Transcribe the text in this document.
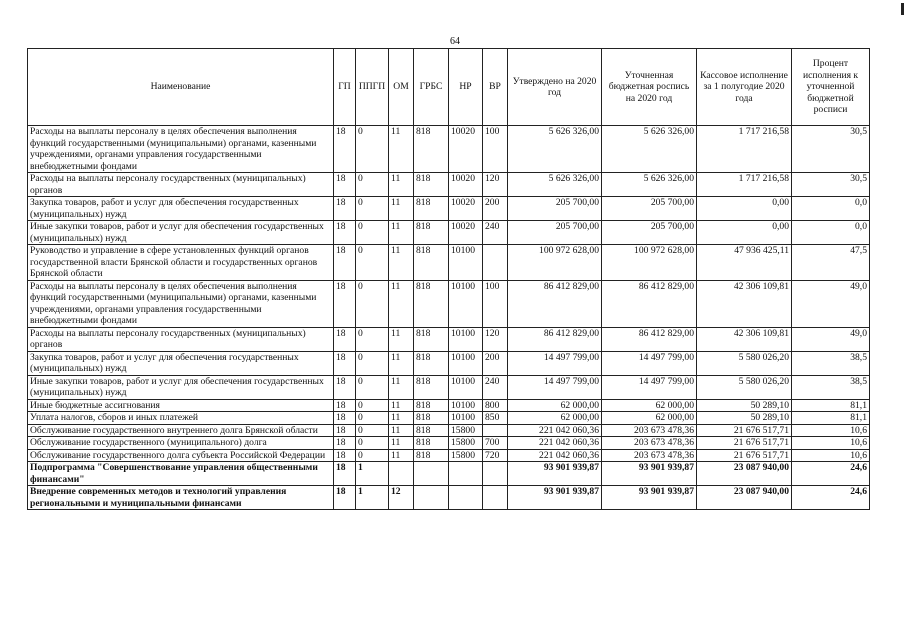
64
Наименование	ГП	ППГП	ОМ	ГРБС	НР	ВР	Утверждено на 2020 год	Уточненная бюджетная роспись на 2020 год	Кассовое исполнение за 1 полугодие 2020 года	Процент исполнения к уточненной бюджетной росписи
Расходы на выплаты персоналу в целях обеспечения выполнения функций государственными (муниципальными) органами, казенными учреждениями, органами управления государственными внебюджетными фондами	18	0	11	818	10020	100	5 626 326,00	5 626 326,00	1 717 216,58	30,5
Расходы на выплаты персоналу государственных (муниципальных) органов	18	0	11	818	10020	120	5 626 326,00	5 626 326,00	1 717 216,58	30,5
Закупка товаров, работ и услуг для обеспечения государственных (муниципальных) нужд	18	0	11	818	10020	200	205 700,00	205 700,00	0,00	0,0
Иные закупки товаров, работ и услуг для обеспечения государственных (муниципальных) нужд	18	0	11	818	10020	240	205 700,00	205 700,00	0,00	0,0
Руководство и управление в сфере установленных функций органов государственной власти Брянской области и государственных органов Брянской области	18	0	11	818	10100		100 972 628,00	100 972 628,00	47 936 425,11	47,5
Расходы на выплаты персоналу в целях обеспечения выполнения функций государственными (муниципальными) органами, казенными учреждениями, органами управления государственными внебюджетными фондами	18	0	11	818	10100	100	86 412 829,00	86 412 829,00	42 306 109,81	49,0
Расходы на выплаты персоналу государственных (муниципальных) органов	18	0	11	818	10100	120	86 412 829,00	86 412 829,00	42 306 109,81	49,0
Закупка товаров, работ и услуг для обеспечения государственных (муниципальных) нужд	18	0	11	818	10100	200	14 497 799,00	14 497 799,00	5 580 026,20	38,5
Иные закупки товаров, работ и услуг для обеспечения государственных (муниципальных) нужд	18	0	11	818	10100	240	14 497 799,00	14 497 799,00	5 580 026,20	38,5
Иные бюджетные ассигнования	18	0	11	818	10100	800	62 000,00	62 000,00	50 289,10	81,1
Уплата налогов, сборов и иных платежей	18	0	11	818	10100	850	62 000,00	62 000,00	50 289,10	81,1
Обслуживание государственного внутреннего долга Брянской области	18	0	11	818	15800		221 042 060,36	203 673 478,36	21 676 517,71	10,6
Обслуживание государственного (муниципального) долга	18	0	11	818	15800	700	221 042 060,36	203 673 478,36	21 676 517,71	10,6
Обслуживание государственного долга субъекта Российской Федерации	18	0	11	818	15800	720	221 042 060,36	203 673 478,36	21 676 517,71	10,6
Подпрограмма "Совершенствование управления общественными финансами"	18	1					93 901 939,87	93 901 939,87	23 087 940,00	24,6
Внедрение современных методов и технологий управления региональными и муниципальными финансами	18	1	12				93 901 939,87	93 901 939,87	23 087 940,00	24,6
